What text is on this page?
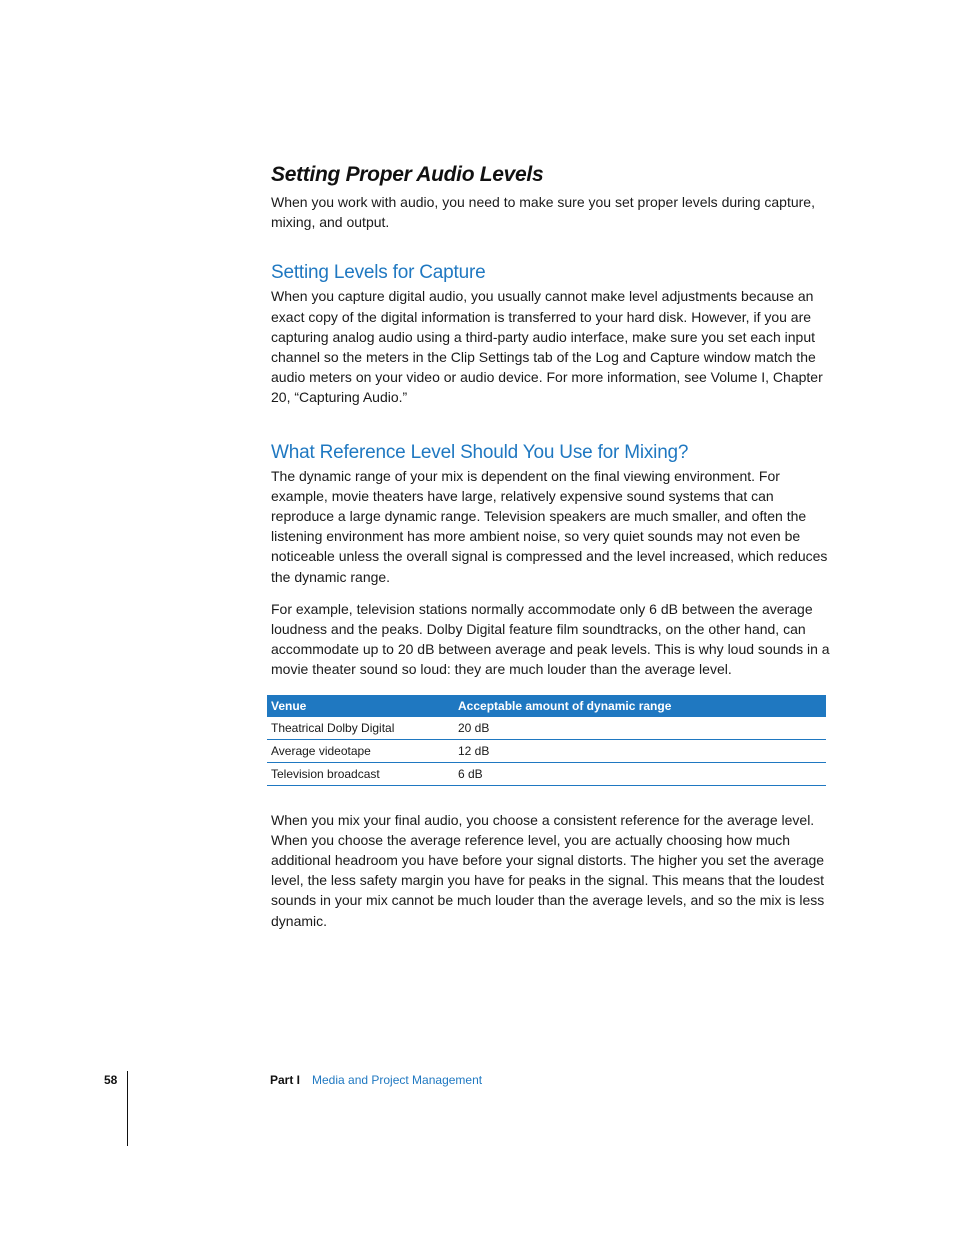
Setting Proper Audio Levels

When you work with audio, you need to make sure you set proper levels during capture, mixing, and output.

Setting Levels for Capture

When you capture digital audio, you usually cannot make level adjustments because an exact copy of the digital information is transferred to your hard disk. However, if you are capturing analog audio using a third-party audio interface, make sure you set each input channel so the meters in the Clip Settings tab of the Log and Capture window match the audio meters on your video or audio device. For more information, see Volume I, Chapter 20, “Capturing Audio.”

What Reference Level Should You Use for Mixing?

The dynamic range of your mix is dependent on the final viewing environment. For example, movie theaters have large, relatively expensive sound systems that can reproduce a large dynamic range. Television speakers are much smaller, and often the listening environment has more ambient noise, so very quiet sounds may not even be noticeable unless the overall signal is compressed and the level increased, which reduces the dynamic range.

For example, television stations normally accommodate only 6 dB between the average loudness and the peaks. Dolby Digital feature film soundtracks, on the other hand, can accommodate up to 20 dB between average and peak levels. This is why loud sounds in a movie theater sound so loud: they are much louder than the average level.

Venue	Acceptable amount of dynamic range
Theatrical Dolby Digital	20 dB
Average videotape	12 dB
Television broadcast	6 dB

When you mix your final audio, you choose a consistent reference for the average level. When you choose the average reference level, you are actually choosing how much additional headroom you have before your signal distorts. The higher you set the average level, the less safety margin you have for peaks in the signal. This means that the loudest sounds in your mix cannot be much louder than the average levels, and so the mix is less dynamic.

58	Part I Media and Project Management
